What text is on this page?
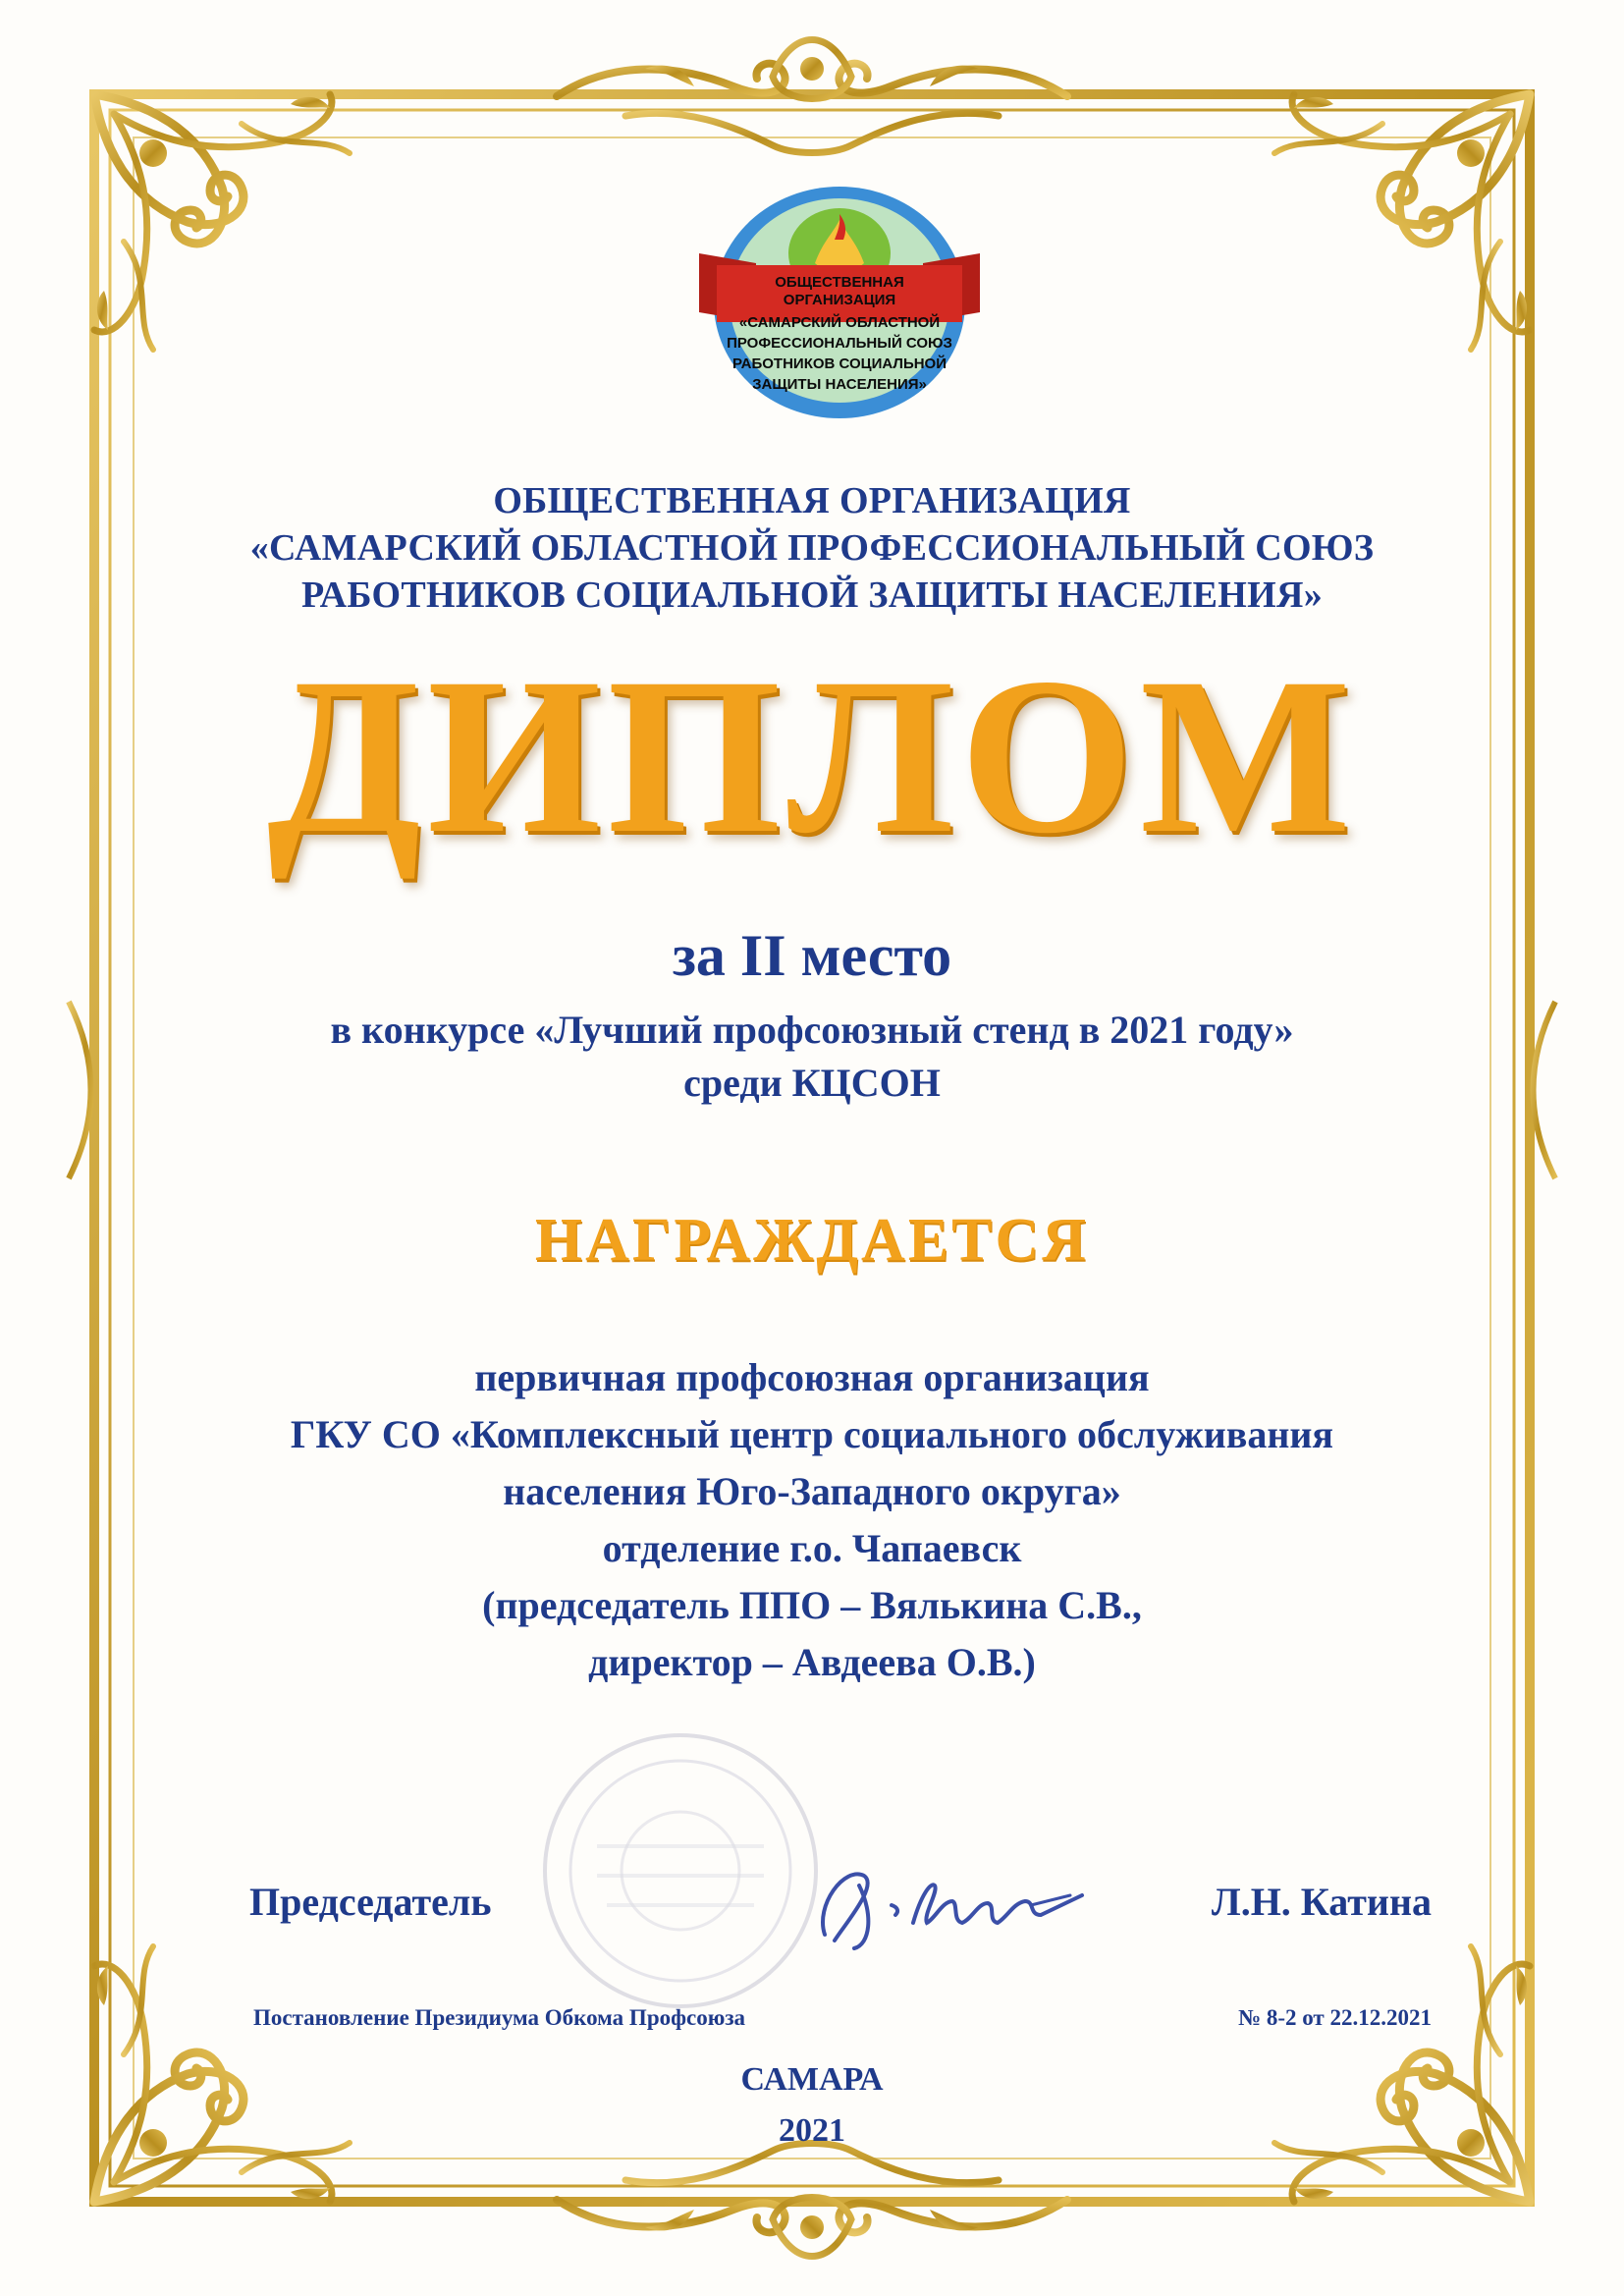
ОБЩЕСТВЕННАЯ
ОРГАНИЗАЦИЯ
«САМАРСКИЙ ОБЛАСТНОЙ
ПРОФЕССИОНАЛЬНЫЙ СОЮЗ
РАБОТНИКОВ СОЦИАЛЬНОЙ
ЗАЩИТЫ НАСЕЛЕНИЯ»
ОБЩЕСТВЕННАЯ ОРГАНИЗАЦИЯ
«САМАРСКИЙ ОБЛАСТНОЙ ПРОФЕССИОНАЛЬНЫЙ СОЮЗ
РАБОТНИКОВ СОЦИАЛЬНОЙ ЗАЩИТЫ НАСЕЛЕНИЯ»
ДИПЛОМ
за II место
в конкурсе «Лучший профсоюзный стенд в 2021 году»
среди КЦСОН
НАГРАЖДАЕТСЯ
первичная профсоюзная организация
ГКУ СО «Комплексный центр социального обслуживания
населения Юго-Западного округа»
отделение г.о. Чапаевск
(председатель ППО – Вялькина С.В.,
директор – Авдеева О.В.)
Председатель	Л.Н. Катина
Постановление Президиума Обкома Профсоюза	№ 8-2 от 22.12.2021
САМАРА
2021
